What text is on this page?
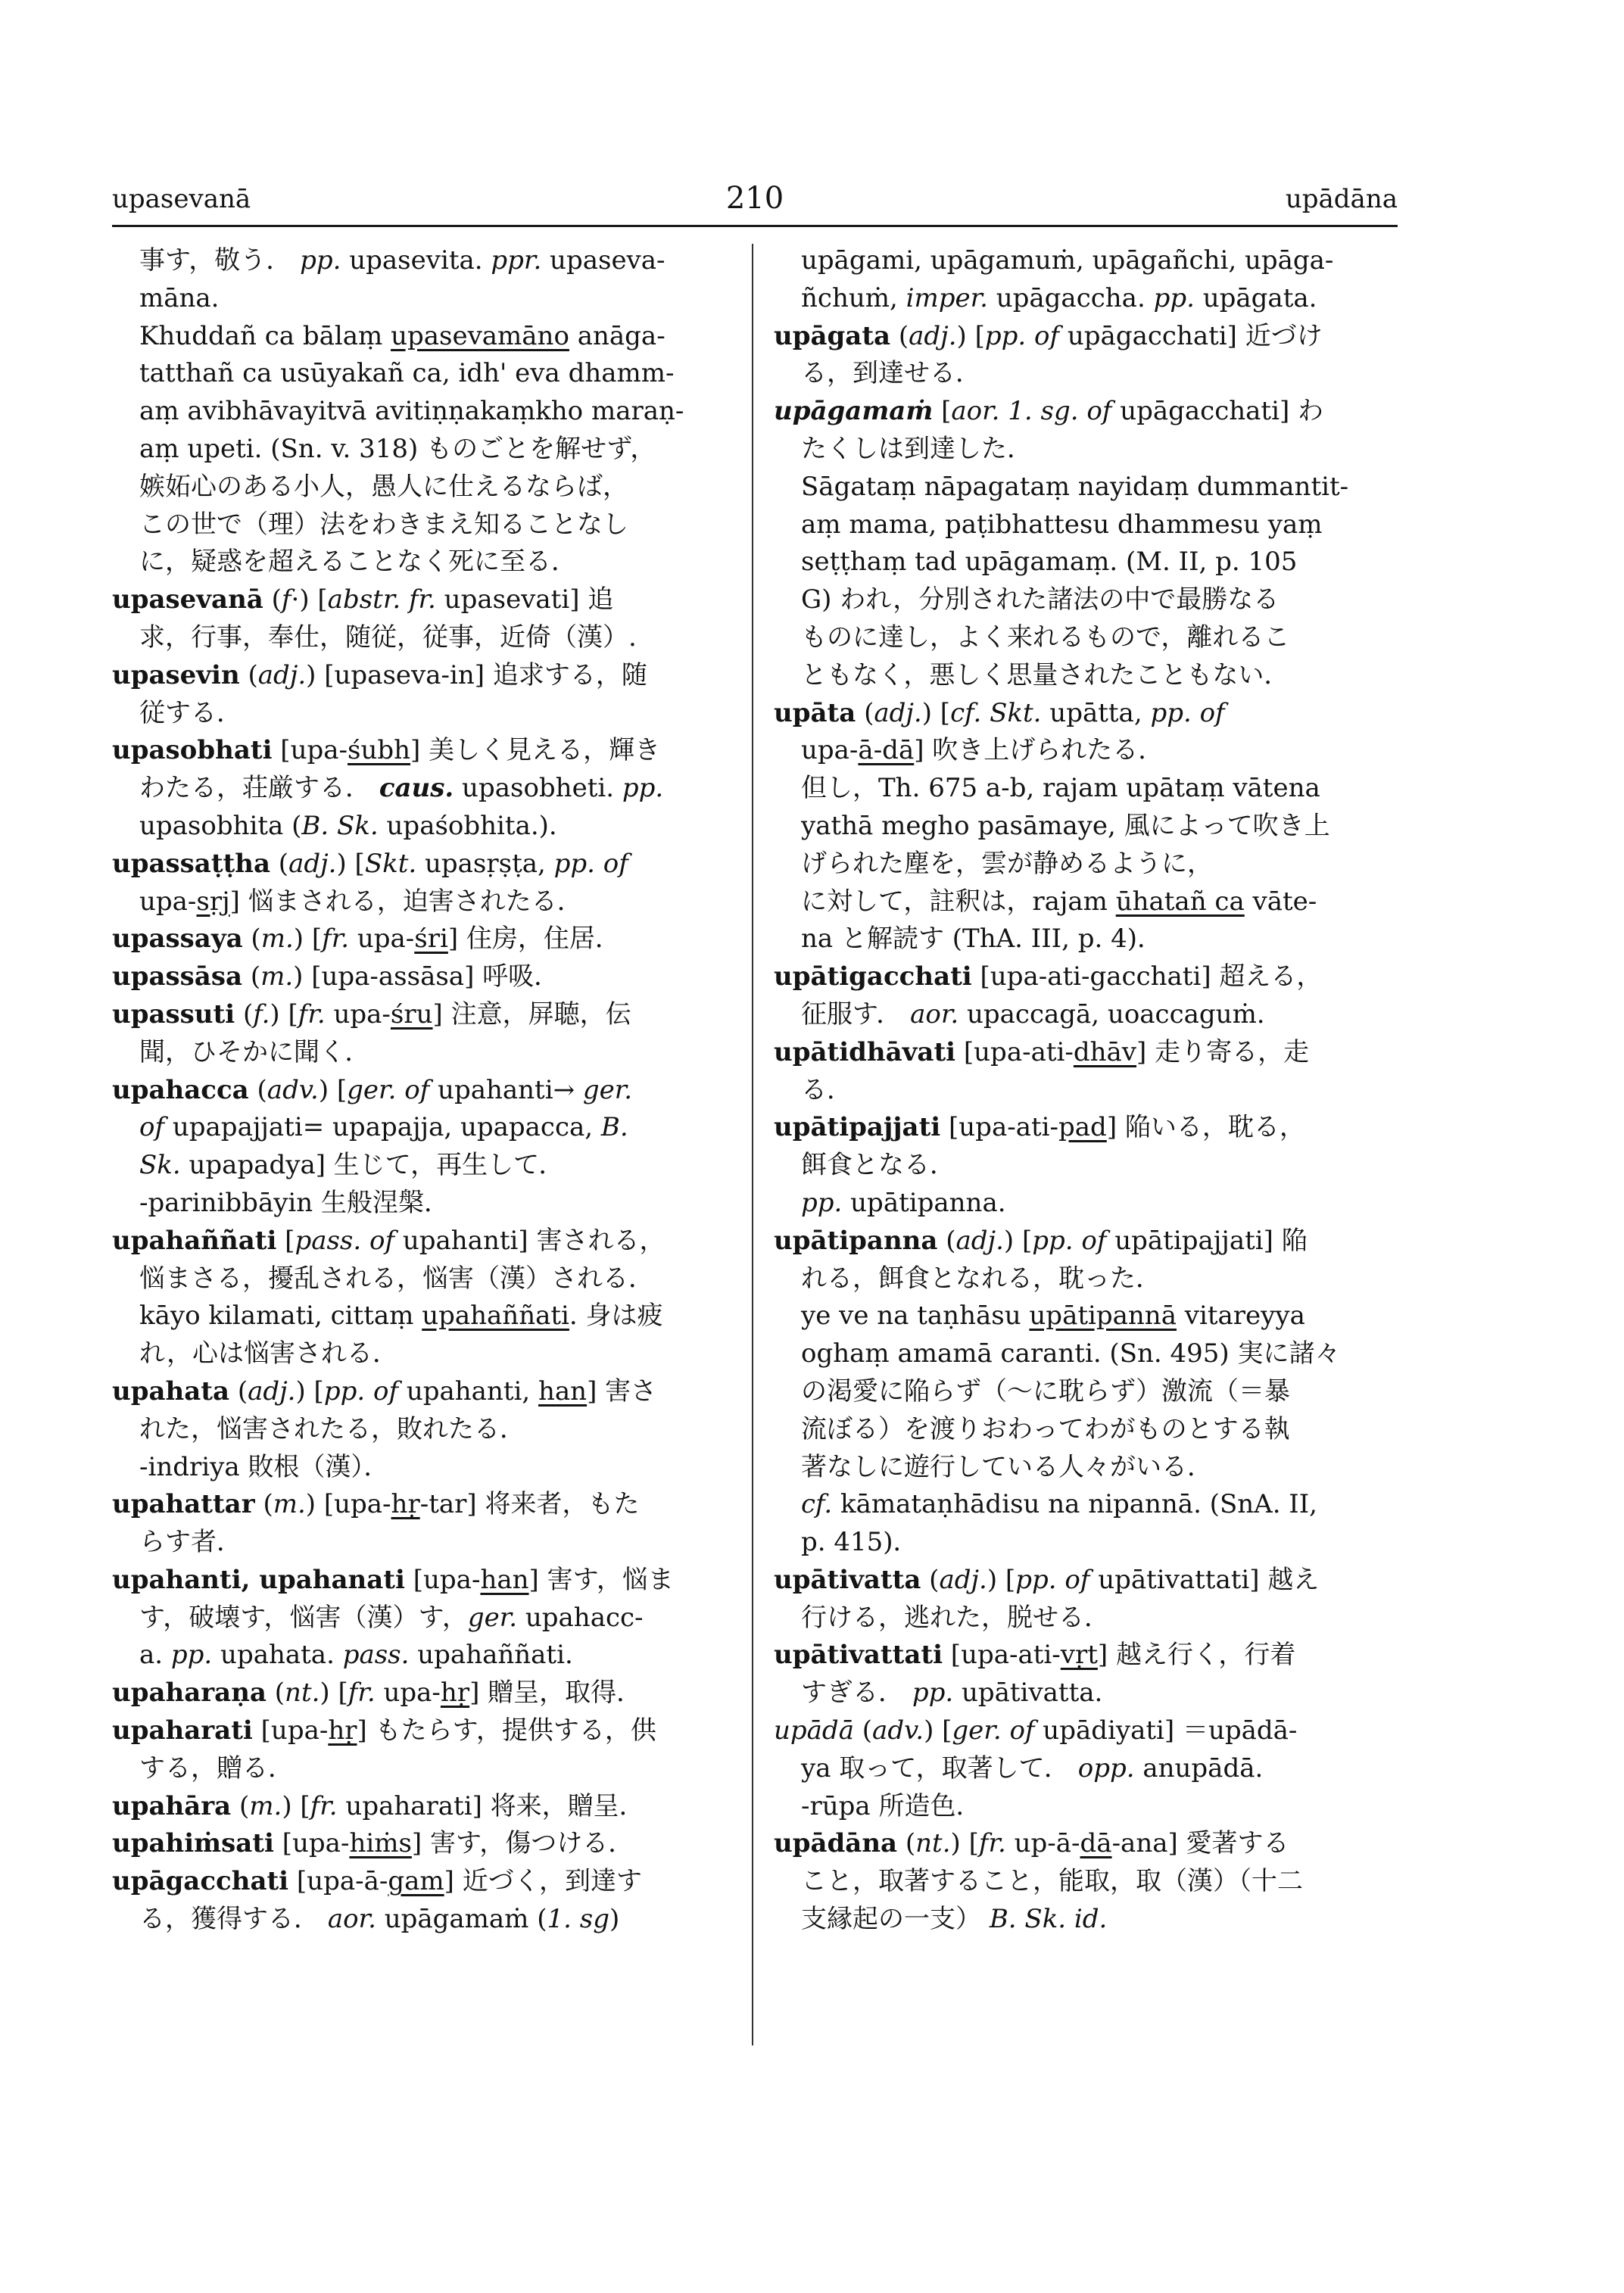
upasevanā	210	upādāna
事す，敬う． pp. upasevita. ppr. upaseva-
māna.
Khuddañ ca bālaṃ upasevamāno anāga-
tatthañ ca usūyakañ ca, idh' eva dhamm-
aṃ avibhāvayitvā avitiṇṇakaṃkho maraṇ-
aṃ upeti. (Sn. v. 318) ものごとを解せず，
嫉妬心のある小人，愚人に仕えるならば，
この世で（理）法をわきまえ知ることなし
に，疑惑を超えることなく死に至る．
upasevanā (f·) [abstr. fr. upasevati] 追
求，行事，奉仕，随従，従事，近倚（漢）.
upasevin (adj.) [upaseva-in] 追求する，随
従する．
upasobhati [upa-śubh] 美しく見える，輝き
わたる，荘厳する． caus. upasobheti. pp.
upasobhita (B. Sk. upaśobhita.).
upassaṭṭha (adj.) [Skt. upasṛṣṭa, pp. of
upa-sṛj] 悩まされる，迫害されたる．
upassaya (m.) [fr. upa-śri] 住房，住居．
upassāsa (m.) [upa-assāsa] 呼吸．
upassuti (f.) [fr. upa-śru] 注意，屏聴，伝
聞，ひそかに聞く．
upahacca (adv.) [ger. of upahanti→ ger.
of upapajjati= upapajja, upapacca, B.
Sk. upapadya] 生じて，再生して．
-parinibbāyin 生般涅槃．
upahaññati [pass. of upahanti] 害される，
悩まさる，擾乱される，悩害（漢）される．
kāyo kilamati, cittaṃ upahaññati. 身は疲
れ，心は悩害される．
upahata (adj.) [pp. of upahanti, han] 害さ
れた，悩害されたる，敗れたる．
-indriya 敗根（漢）．
upahattar (m.) [upa-hṛ-tar] 将来者，もた
らす者．
upahanti, upahanati [upa-han] 害す，悩ま
す，破壊す，悩害（漢）す，ger. upahacc-
a. pp. upahata. pass. upahaññati.
upaharaṇa (nt.) [fr. upa-hṛ] 贈呈，取得．
upaharati [upa-hṛ] もたらす，提供する，供
する，贈る．
upahāra (m.) [fr. upaharati] 将来，贈呈．
upahiṁsati [upa-hiṁs] 害す，傷つける．
upāgacchati [upa-ā-gam] 近づく，到達す
る，獲得する． aor. upāgamaṁ (1. sg)
upāgami, upāgamuṁ, upāgañchi, upāga-
ñchuṁ, imper. upāgaccha. pp. upāgata.
upāgata (adj.) [pp. of upāgacchati] 近づけ
る，到達せる．
upāgamaṁ [aor. 1. sg. of upāgacchati] わ
たくしは到達した．
Sāgataṃ nāpagataṃ nayidaṃ dummantit-
aṃ mama, paṭibhattesu dhammesu yaṃ
seṭṭhaṃ tad upāgamaṃ. (M. II, p. 105
G) われ，分別された諸法の中で最勝なる
ものに達し，よく来れるもので，離れるこ
ともなく，悪しく思量されたこともない．
upāta (adj.) [cf. Skt. upātta, pp. of
upa-ā-dā] 吹き上げられたる．
但し，Th. 675 a-b, rajam upātaṃ vātena
yathā megho pasāmaye, 風によって吹き上
げられた塵を，雲が静めるように，
に対して，註釈は，rajam ūhatañ ca vāte-
na と解読す (ThA. III, p. 4)．
upātigacchati [upa-ati-gacchati] 超える，
征服す． aor. upaccagā, uoaccaguṁ.
upātidhāvati [upa-ati-dhāv] 走り寄る，走
る．
upātipajjati [upa-ati-pad] 陥いる，耽る，
餌食となる．
pp. upātipanna.
upātipanna (adj.) [pp. of upātipajjati] 陥
れる，餌食となれる，耽った．
ye ve na taṇhāsu upātipannā vitareyya
oghaṃ amamā caranti. (Sn. 495) 実に諸々
の渇愛に陥らず（〜に耽らず）激流（＝暴
流ぼる）を渡りおわってわがものとする執
著なしに遊行している人々がいる．
cf. kāmataṇhādisu na nipannā. (SnA. II,
p. 415)．
upātivatta (adj.) [pp. of upātivattati] 越え
行ける，逃れた，脱せる．
upātivattati [upa-ati-vṛt] 越え行く，行着
すぎる． pp. upātivatta.
upādā (adv.) [ger. of upādiyati] ＝upādā-
ya 取って，取著して． opp. anupādā.
-rūpa 所造色．
upādāna (nt.) [fr. up-ā-dā-ana] 愛著する
こと，取著すること，能取，取（漢）（十二
支縁起の一支） B. Sk. id.
